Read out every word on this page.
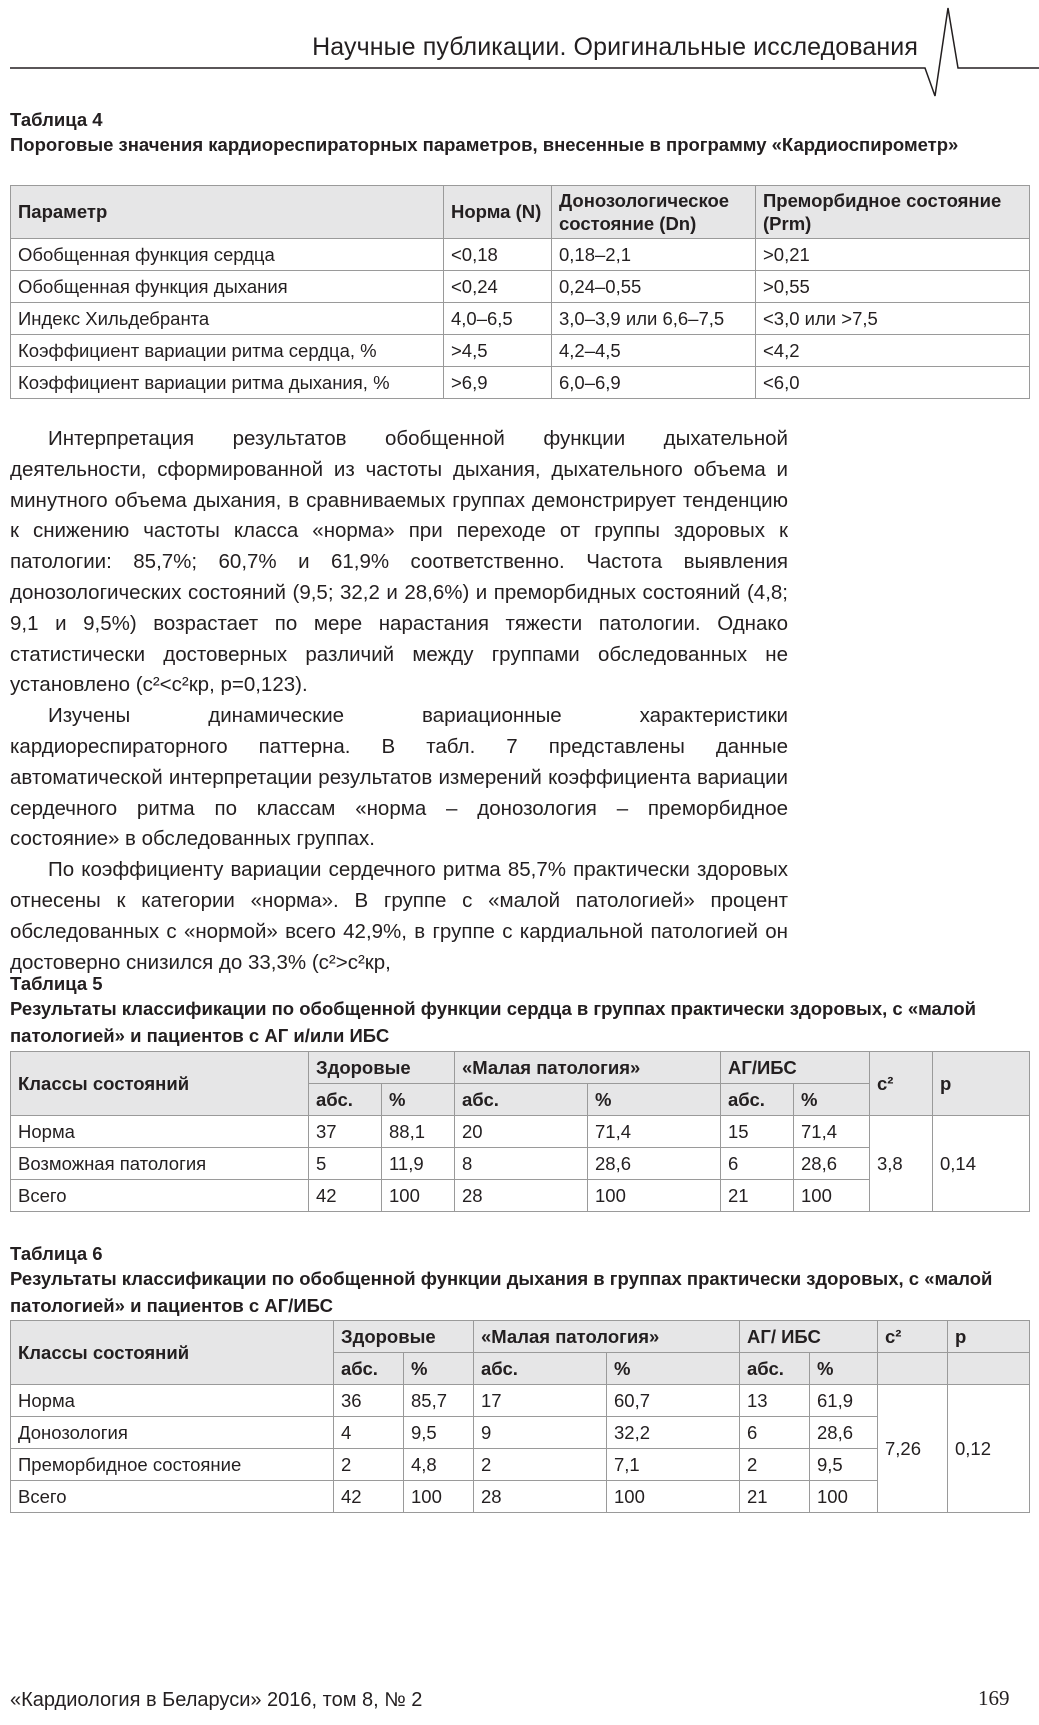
Научные публикации. Оригинальные исследования
Таблица 4
Пороговые значения кардиореспираторных параметров, внесенные в программу «Кардиоспирометр»
Параметр	Норма (N)	Донозологическое состояние (Dn)	Преморбидное состояние (Prm)
Обобщенная функция сердца	<0,18	0,18–2,1	>0,21
Обобщенная функция дыхания	<0,24	0,24–0,55	>0,55
Индекс Хильдебранта	4,0–6,5	3,0–3,9 или 6,6–7,5	<3,0 или >7,5
Коэффициент вариации ритма сердца, %	>4,5	4,2–4,5	<4,2
Коэффициент вариации ритма дыхания, %	>6,9	6,0–6,9	<6,0

Интерпретация результатов обобщенной функции дыхательной деятельности, сформированной из частоты дыхания, дыхательного объема и минутного объема дыхания, в сравниваемых группах демонстрирует тенденцию к снижению частоты класса «норма» при переходе от группы здоровых к патологии: 85,7%; 60,7% и 61,9% соответственно. Частота выявления донозологических состояний (9,5; 32,2 и 28,6%) и преморбидных состояний (4,8; 9,1 и 9,5%) возрастает по мере нарастания тяжести патологии. Однако статистически достоверных различий между группами обследованных не установлено (c²<c²кр, p=0,123).

Изучены динамические вариационные характеристики кардиореспираторного паттерна. В табл. 7 представлены данные автоматической интерпретации результатов измерений коэффициента вариации сердечного ритма по классам «норма – донозология – преморбидное состояние» в обследованных группах.

По коэффициенту вариации сердечного ритма 85,7% практически здоровых отнесены к категории «норма». В группе с «малой патологией» процент обследованных с «нормой» всего 42,9%, в группе с кардиальной патологией он достоверно снизился до 33,3% (c²>c²кр,

Таблица 5
Результаты классификации по обобщенной функции сердца в группах практически здоровых, с «малой патологией» и пациентов с АГ и/или ИБС
Классы состояний	Здоровые		«Малая патология»		АГ/ИБС		c²	p
	абс.	%	абс.	%	абс.	%		
Норма	37	88,1	20	71,4	15	71,4	3,8	0,14
Возможная патология	5	11,9	8	28,6	6	28,6		
Всего	42	100	28	100	21	100		
Таблица 6
Результаты классификации по обобщенной функции дыхания в группах практически здоровых, с «малой патологией» и пациентов с АГ/ИБС
Классы состояний	Здоровые		«Малая патология»		АГ/ ИБС		c²	p
	абс.	%	абс.	%	абс.	%		
Норма	36	85,7	17	60,7	13	61,9	7,26	0,12
Донозология	4	9,5	9	32,2	6	28,6		
Преморбидное состояние	2	4,8	2	7,1	2	9,5		
Всего	42	100	28	100	21	100		
«Кардиология в Беларуси» 2016, том 8, № 2	169
